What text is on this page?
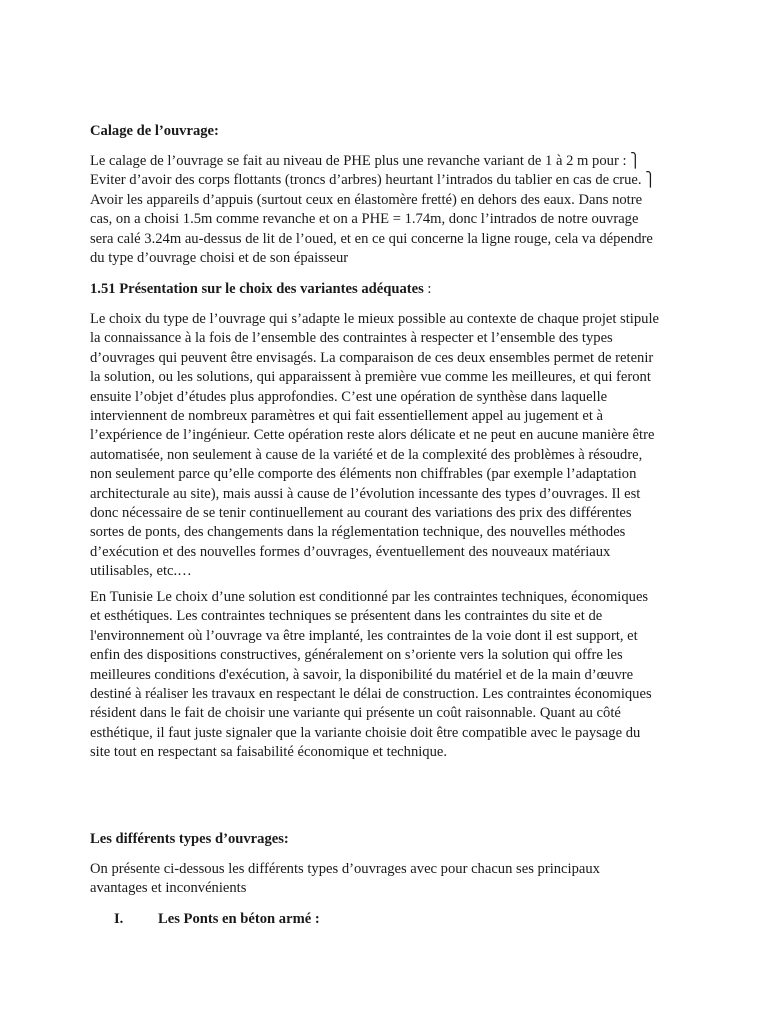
Calage de l’ouvrage:
Le calage de l’ouvrage se fait au niveau de PHE plus une revanche variant de 1 à 2 m pour : ⎫
Eviter d’avoir des corps flottants (troncs d’arbres) heurtant l’intrados du tablier en cas de crue. ⎫
Avoir les appareils d’appuis (surtout ceux en élastomère fretté) en dehors des eaux. Dans notre
cas, on a choisi 1.5m comme revanche et on a PHE = 1.74m, donc l’intrados de notre ouvrage
sera calé 3.24m au-dessus de lit de l’oued, et en ce qui concerne la ligne rouge, cela va dépendre
du type d’ouvrage choisi et de son épaisseur
1.51 Présentation sur le choix des variantes adéquates :
Le choix du type de l’ouvrage qui s’adapte le mieux possible au contexte de chaque projet stipule
la connaissance à la fois de l’ensemble des contraintes à respecter et l’ensemble des types
d’ouvrages qui peuvent être envisagés. La comparaison de ces deux ensembles permet de retenir
la solution, ou les solutions, qui apparaissent à première vue comme les meilleures, et qui feront
ensuite l’objet d’études plus approfondies. C’est une opération de synthèse dans laquelle
interviennent de nombreux paramètres et qui fait essentiellement appel au jugement et à
l’expérience de l’ingénieur. Cette opération reste alors délicate et ne peut en aucune manière être
automatisée, non seulement à cause de la variété et de la complexité des problèmes à résoudre,
non seulement parce qu’elle comporte des éléments non chiffrables (par exemple l’adaptation
architecturale au site), mais aussi à cause de l’évolution incessante des types d’ouvrages. Il est
donc nécessaire de se tenir continuellement au courant des variations des prix des différentes
sortes de ponts, des changements dans la réglementation technique, des nouvelles méthodes
d’exécution et des nouvelles formes d’ouvrages, éventuellement des nouveaux matériaux
utilisables, etc.…
En Tunisie Le choix d’une solution est conditionné par les contraintes techniques, économiques
et esthétiques. Les contraintes techniques se présentent dans les contraintes du site et de
l'environnement où l’ouvrage va être implanté, les contraintes de la voie dont il est support, et
enfin des dispositions constructives, généralement on s’oriente vers la solution qui offre les
meilleures conditions d'exécution, à savoir, la disponibilité du matériel et de la main d’œuvre
destiné à réaliser les travaux en respectant le délai de construction. Les contraintes économiques
résident dans le fait de choisir une variante qui présente un coût raisonnable. Quant au côté
esthétique, il faut juste signaler que la variante choisie doit être compatible avec le paysage du
site tout en respectant sa faisabilité économique et technique.
Les différents types d’ouvrages:
On présente ci-dessous les différents types d’ouvrages avec pour chacun ses principaux
avantages et inconvénients
I. Les Ponts en béton armé :
